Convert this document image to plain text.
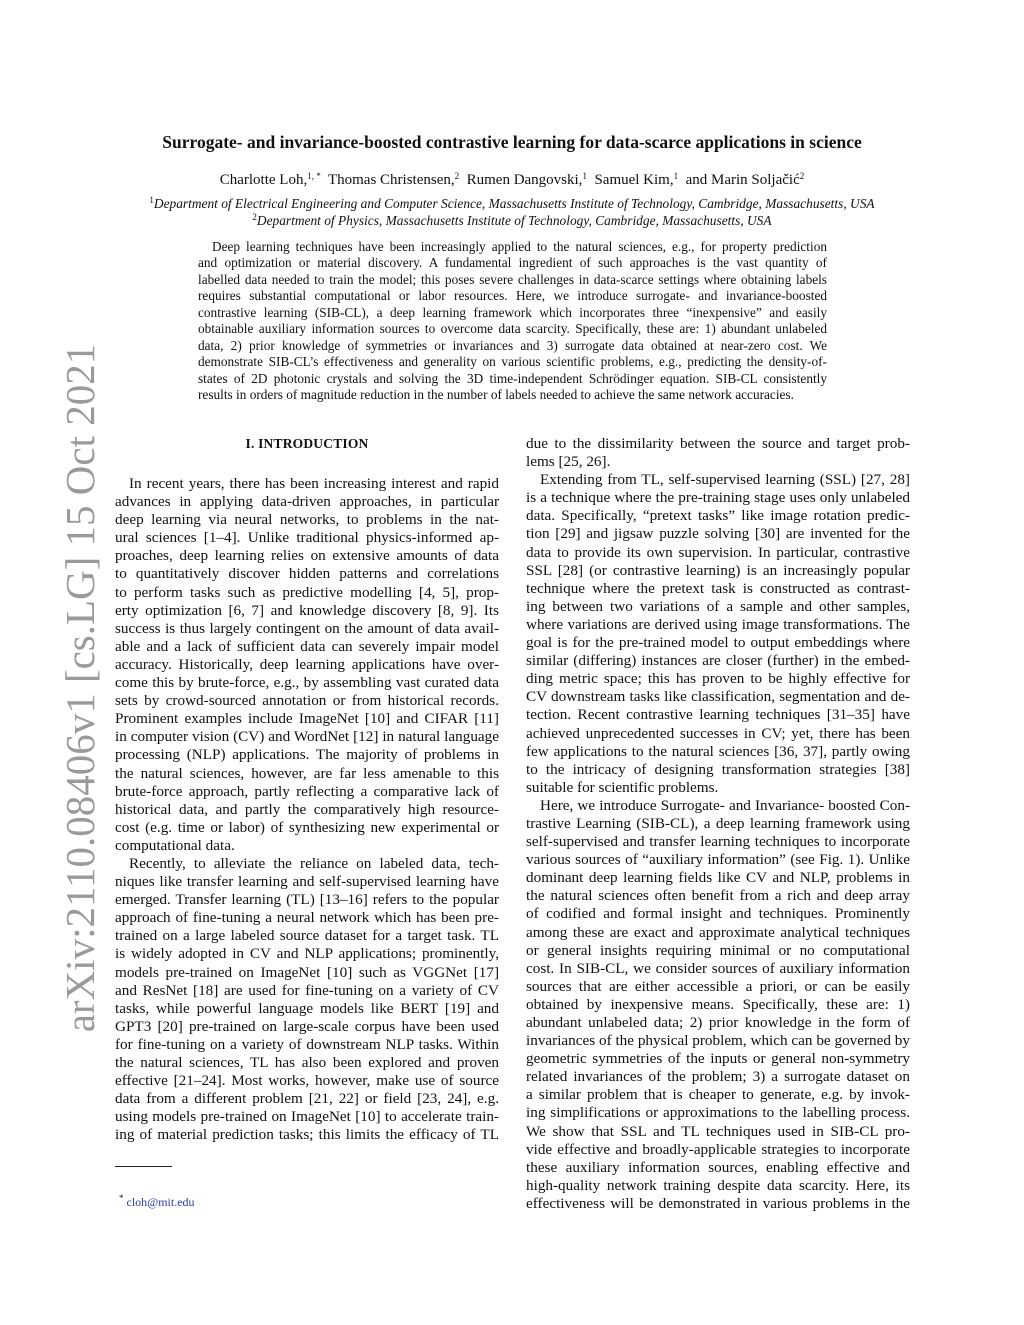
arXiv:2110.08406v1 [cs.LG] 15 Oct 2021
Surrogate- and invariance-boosted contrastive learning for data-scarce applications in science
Charlotte Loh,$^{1, *}$ Thomas Christensen,$^2$ Rumen Dangovski,$^1$ Samuel Kim,$^1$ and Marin Soljačić$^2$
$^1$Department of Electrical Engineering and Computer Science, Massachusetts Institute of Technology, Cambridge, Massachusetts, USA
$^2$Department of Physics, Massachusetts Institute of Technology, Cambridge, Massachusetts, USA
Deep learning techniques have been increasingly applied to the natural sciences, e.g., for property prediction
and optimization or material discovery. A fundamental ingredient of such approaches is the vast quantity of
labelled data needed to train the model; this poses severe challenges in data-scarce settings where obtaining labels
requires substantial computational or labor resources. Here, we introduce surrogate- and invariance-boosted
contrastive learning (SIB-CL), a deep learning framework which incorporates three “inexpensive” and easily
obtainable auxiliary information sources to overcome data scarcity. Specifically, these are: 1) abundant unlabeled
data, 2) prior knowledge of symmetries or invariances and 3) surrogate data obtained at near-zero cost. We
demonstrate SIB-CL’s effectiveness and generality on various scientific problems, e.g., predicting the density-of-
states of 2D photonic crystals and solving the 3D time-independent Schrödinger equation. SIB-CL consistently
results in orders of magnitude reduction in the number of labels needed to achieve the same network accuracies.
I. INTRODUCTION
In recent years, there has been increasing interest and rapid
advances in applying data-driven approaches, in particular
deep learning via neural networks, to problems in the nat-
ural sciences [1–4]. Unlike traditional physics-informed ap-
proaches, deep learning relies on extensive amounts of data
to quantitatively discover hidden patterns and correlations
to perform tasks such as predictive modelling [4, 5], prop-
erty optimization [6, 7] and knowledge discovery [8, 9]. Its
success is thus largely contingent on the amount of data avail-
able and a lack of sufficient data can severely impair model
accuracy. Historically, deep learning applications have over-
come this by brute-force, e.g., by assembling vast curated data
sets by crowd-sourced annotation or from historical records.
Prominent examples include ImageNet [10] and CIFAR [11]
in computer vision (CV) and WordNet [12] in natural language
processing (NLP) applications. The majority of problems in
the natural sciences, however, are far less amenable to this
brute-force approach, partly reflecting a comparative lack of
historical data, and partly the comparatively high resource-
cost (e.g. time or labor) of synthesizing new experimental or
computational data.
Recently, to alleviate the reliance on labeled data, tech-
niques like transfer learning and self-supervised learning have
emerged. Transfer learning (TL) [13–16] refers to the popular
approach of fine-tuning a neural network which has been pre-
trained on a large labeled source dataset for a target task. TL
is widely adopted in CV and NLP applications; prominently,
models pre-trained on ImageNet [10] such as VGGNet [17]
and ResNet [18] are used for fine-tuning on a variety of CV
tasks, while powerful language models like BERT [19] and
GPT3 [20] pre-trained on large-scale corpus have been used
for fine-tuning on a variety of downstream NLP tasks. Within
the natural sciences, TL has also been explored and proven
effective [21–24]. Most works, however, make use of source
data from a different problem [21, 22] or field [23, 24], e.g.
using models pre-trained on ImageNet [10] to accelerate train-
ing of material prediction tasks; this limits the efficacy of TL
due to the dissimilarity between the source and target prob-
lems [25, 26].
Extending from TL, self-supervised learning (SSL) [27, 28]
is a technique where the pre-training stage uses only unlabeled
data. Specifically, “pretext tasks” like image rotation predic-
tion [29] and jigsaw puzzle solving [30] are invented for the
data to provide its own supervision. In particular, contrastive
SSL [28] (or contrastive learning) is an increasingly popular
technique where the pretext task is constructed as contrast-
ing between two variations of a sample and other samples,
where variations are derived using image transformations. The
goal is for the pre-trained model to output embeddings where
similar (differing) instances are closer (further) in the embed-
ding metric space; this has proven to be highly effective for
CV downstream tasks like classification, segmentation and de-
tection. Recent contrastive learning techniques [31–35] have
achieved unprecedented successes in CV; yet, there has been
few applications to the natural sciences [36, 37], partly owing
to the intricacy of designing transformation strategies [38]
suitable for scientific problems.
Here, we introduce Surrogate- and Invariance- boosted Con-
trastive Learning (SIB-CL), a deep learning framework using
self-supervised and transfer learning techniques to incorporate
various sources of “auxiliary information” (see Fig. 1). Unlike
dominant deep learning fields like CV and NLP, problems in
the natural sciences often benefit from a rich and deep array
of codified and formal insight and techniques. Prominently
among these are exact and approximate analytical techniques
or general insights requiring minimal or no computational
cost. In SIB-CL, we consider sources of auxiliary information
sources that are either accessible a priori, or can be easily
obtained by inexpensive means. Specifically, these are: 1)
abundant unlabeled data; 2) prior knowledge in the form of
invariances of the physical problem, which can be governed by
geometric symmetries of the inputs or general non-symmetry
related invariances of the problem; 3) a surrogate dataset on
a similar problem that is cheaper to generate, e.g. by invok-
ing simplifications or approximations to the labelling process.
We show that SSL and TL techniques used in SIB-CL pro-
vide effective and broadly-applicable strategies to incorporate
these auxiliary information sources, enabling effective and
high-quality network training despite data scarcity. Here, its
effectiveness will be demonstrated in various problems in the
* cloh@mit.edu
